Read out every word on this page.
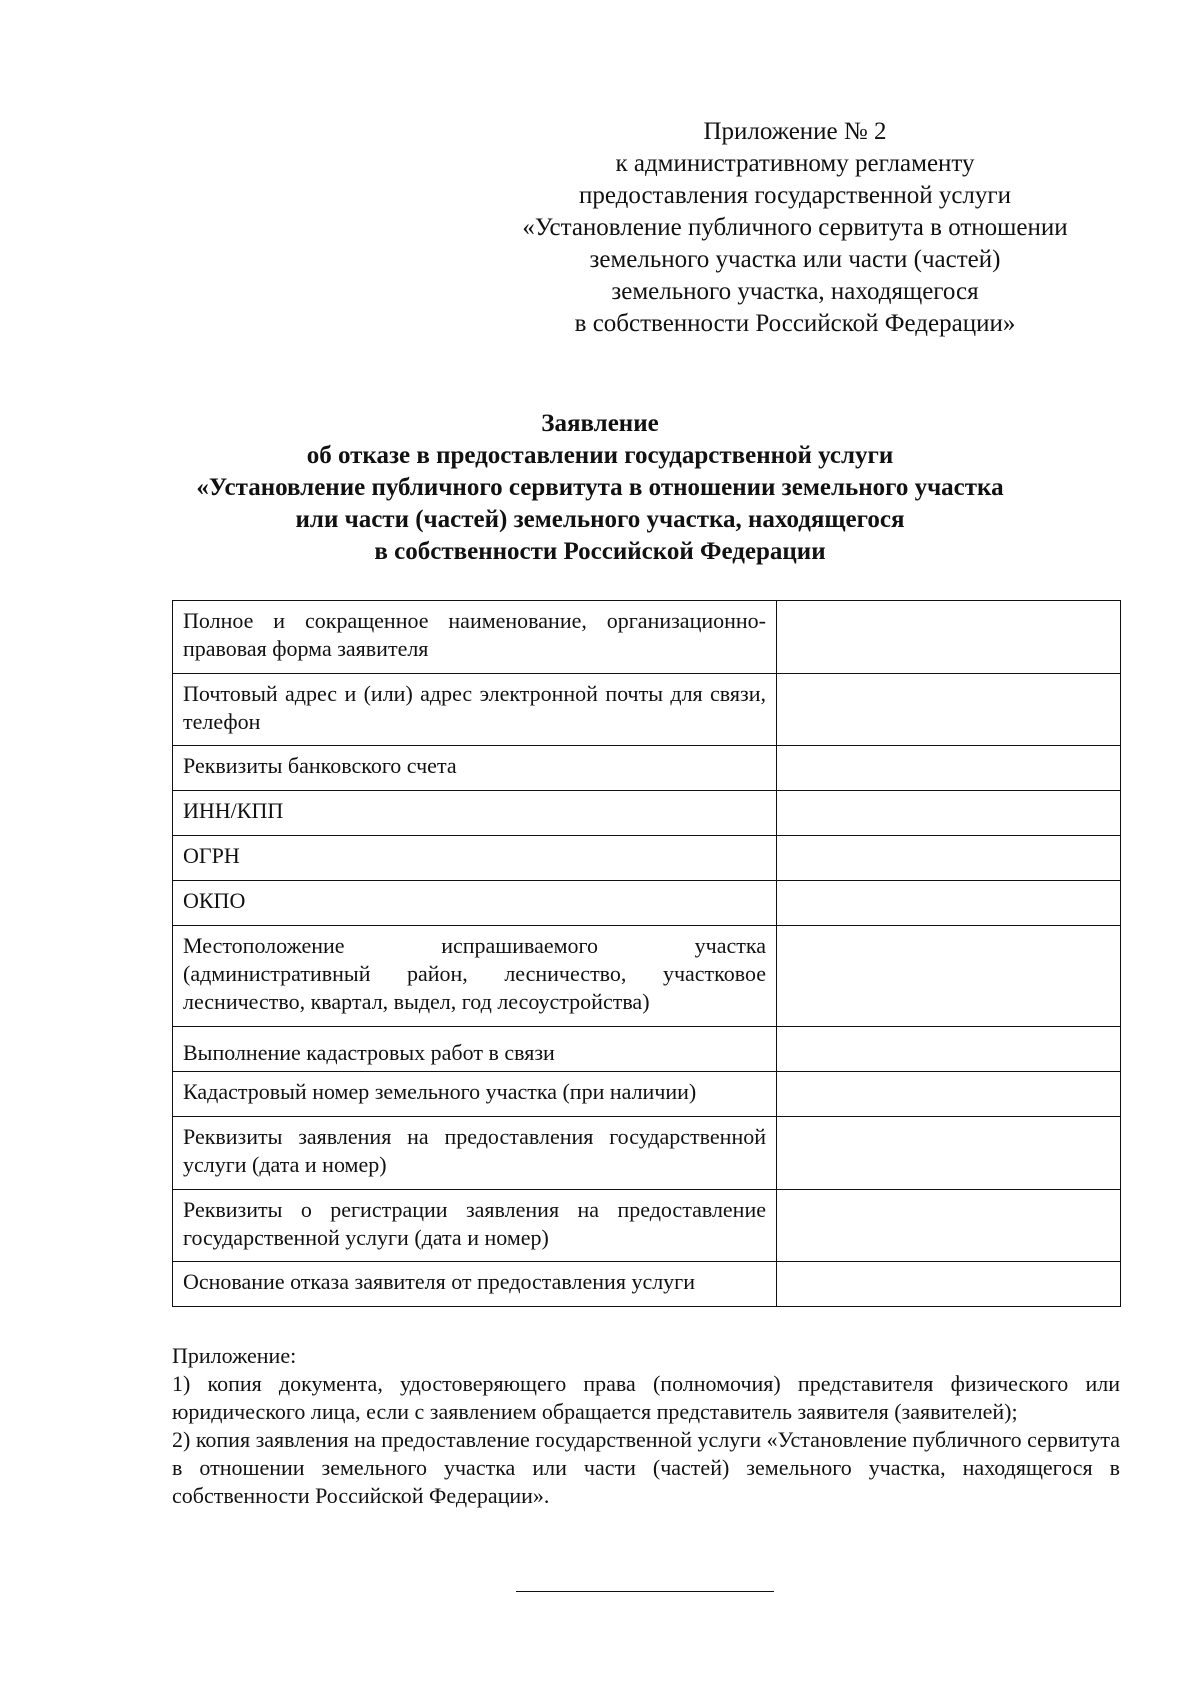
Приложение № 2
к административному регламенту
предоставления государственной услуги
«Установление публичного сервитута в отношении
земельного участка или части (частей)
земельного участка, находящегося
в собственности Российской Федерации»
Заявление
об отказе в предоставлении государственной услуги
«Установление публичного сервитута в отношении земельного участка
или части (частей) земельного участка, находящегося
в собственности Российской Федерации
Полное и сокращенное наименование, организационно-правовая форма заявителя	
Почтовый адрес и (или) адрес электронной почты для связи, телефон	
Реквизиты банковского счета	
ИНН/КПП	
ОГРН	
ОКПО	
Местоположение испрашиваемого участка (административный район, лесничество, участковое лесничество, квартал, выдел, год лесоустройства)	
Выполнение кадастровых работ в связи	
Кадастровый номер земельного участка (при наличии)	
Реквизиты заявления на предоставления государственной услуги (дата и номер)	
Реквизиты о регистрации заявления на предоставление государственной услуги (дата и номер)	
Основание отказа заявителя от предоставления услуги	
Приложение:
1) копия документа, удостоверяющего права (полномочия) представителя физического или юридического лица, если с заявлением обращается представитель заявителя (заявителей);
2) копия заявления на предоставление государственной услуги «Установление публичного сервитута в отношении земельного участка или части (частей) земельного участка, находящегося в собственности Российской Федерации».
